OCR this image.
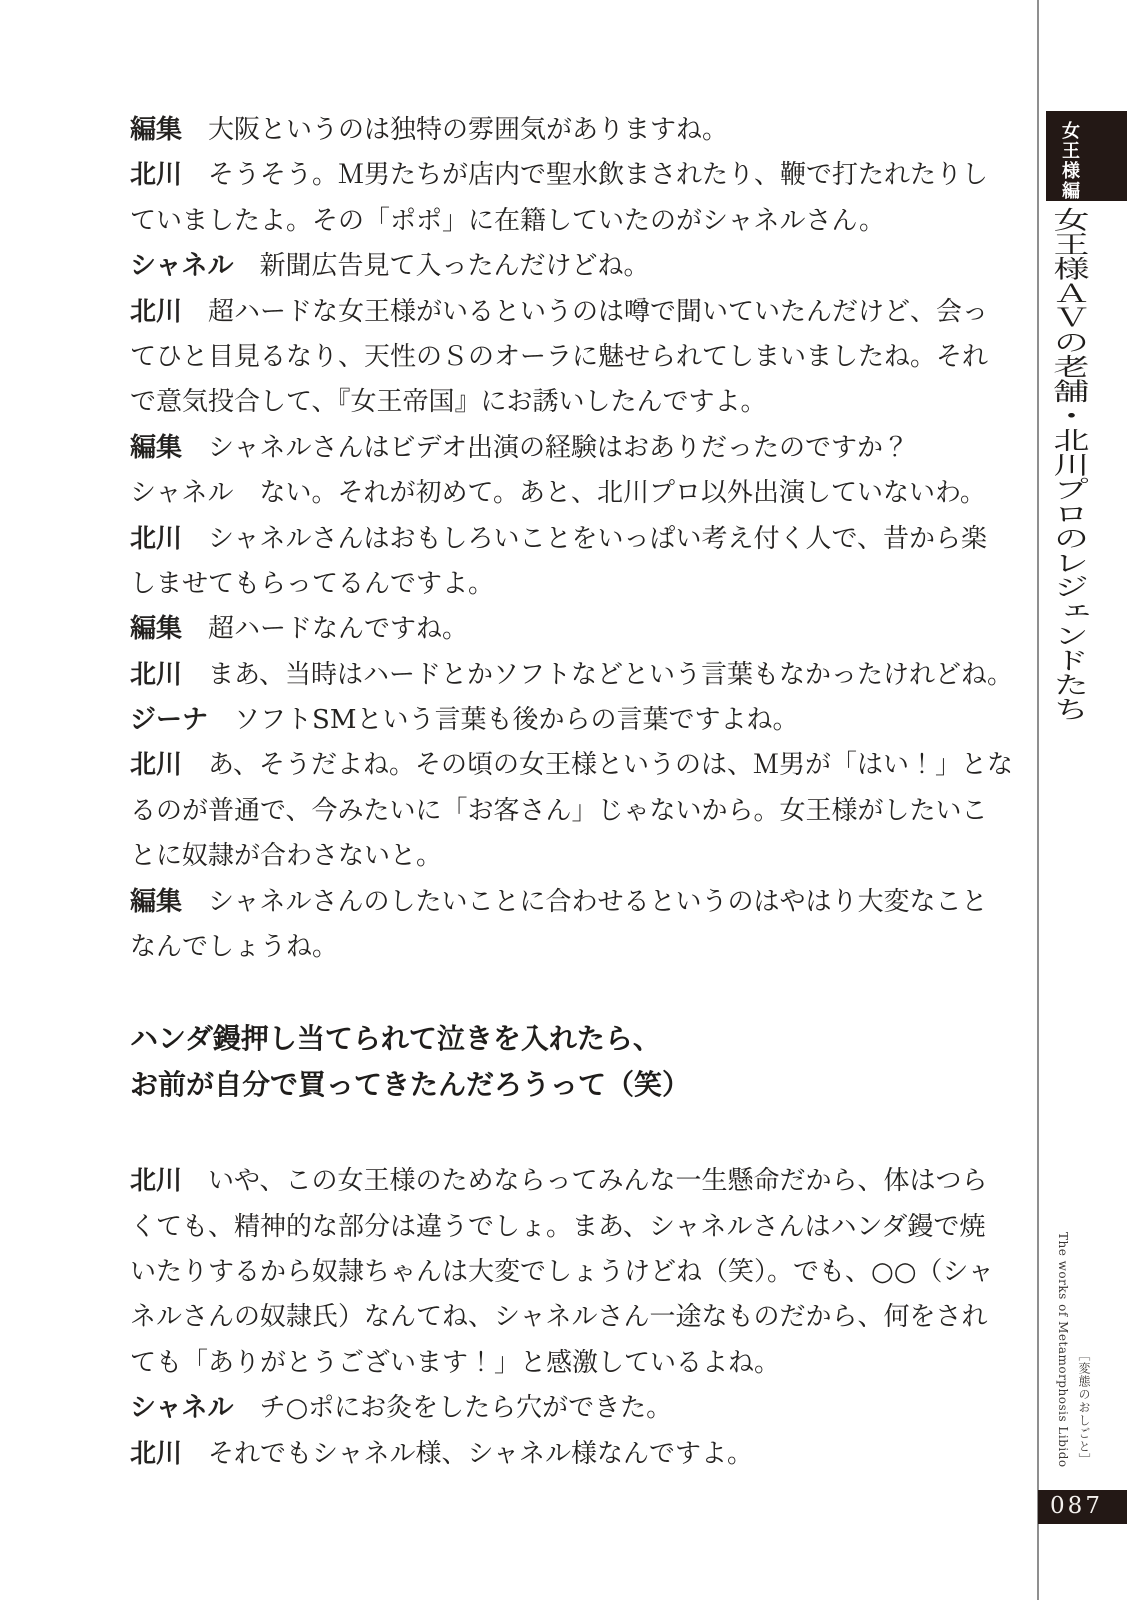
女王様編
女王様ＡＶの老舗・北川プロのレジェンドたち
編集　大阪というのは独特の雰囲気がありますね。
北川　そうそう。Ｍ男たちが店内で聖水飲まされたり、鞭で打たれたりし
ていましたよ。その「ポポ」に在籍していたのがシャネルさん。
シャネル　新聞広告見て入ったんだけどね。
北川　超ハードな女王様がいるというのは噂で聞いていたんだけど、会っ
てひと目見るなり、天性のＳのオーラに魅せられてしまいましたね。それ
で意気投合して、『女王帝国』にお誘いしたんですよ。
編集　シャネルさんはビデオ出演の経験はおありだったのですか？
シャネル　ない。それが初めて。あと、北川プロ以外出演していないわ。
北川　シャネルさんはおもしろいことをいっぱい考え付く人で、昔から楽
しませてもらってるんですよ。
編集　超ハードなんですね。
北川　まあ、当時はハードとかソフトなどという言葉もなかったけれどね。
ジーナ　ソフトSMという言葉も後からの言葉ですよね。
北川　あ、そうだよね。その頃の女王様というのは、Ｍ男が「はい！」とな
るのが普通で、今みたいに「お客さん」じゃないから。女王様がしたいこ
とに奴隷が合わさないと。
編集　シャネルさんのしたいことに合わせるというのはやはり大変なこと
なんでしょうね。
ハンダ鏝押し当てられて泣きを入れたら、
お前が自分で買ってきたんだろうって（笑）
北川　いや、この女王様のためならってみんな一生懸命だから、体はつら
くても、精神的な部分は違うでしょ。まあ、シャネルさんはハンダ鏝で焼
いたりするから奴隷ちゃんは大変でしょうけどね（笑）。でも、○○（シャ
ネルさんの奴隷氏）なんてね、シャネルさん一途なものだから、何をされ
ても「ありがとうございます！」と感激しているよね。
シャネル　チ○ポにお灸をしたら穴ができた。
北川　それでもシャネル様、シャネル様なんですよ。	［変態のおしごと］
The works of Metamorphosis Libido
087
